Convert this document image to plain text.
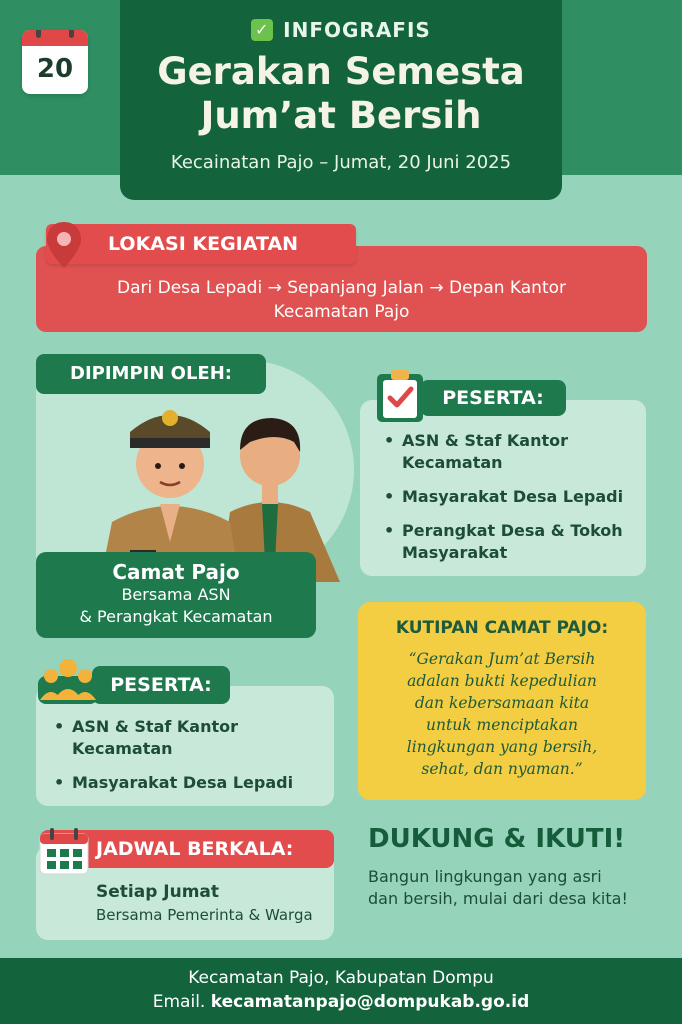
20
✓ INFOGRAFIS
Gerakan Semesta
Jum’at Bersih
Kecainatan Pajo – Jumat, 20 Juni 2025
LOKASI KEGIATAN
Dari Desa Lepadi → Sepanjang Jalan → Depan Kantor
Kecamatan Pajo
DIPIMPIN OLEH:
Camat Pajo
Bersama ASN
& Perangkat Kecamatan
PESERTA:
• ASN & Staf Kantor Kecamatan
• Masyarakat Desa Lepadi
• Perangkat Desa & Tokoh Masyarakat
PESERTA:
• ASN & Staf Kantor Kecamatan
• Masyarakat Desa Lepadi
KUTIPAN CAMAT PAJO:
“Gerakan Jum’at Bersih
adalan bukti kepedulian
dan kebersamaan kita
untuk menciptakan
lingkungan yang bersih,
sehat, dan nyaman.”
JADWAL BERKALA:
Setiap Jumat
Bersama Pemerinta & Warga
DUKUNG & IKUTI!
Bangun lingkungan yang asri
dan bersih, mulai dari desa kita!
Kecamatan Pajo, Kabupatan Dompu
Email. kecamatanpajo@dompukab.go.id
